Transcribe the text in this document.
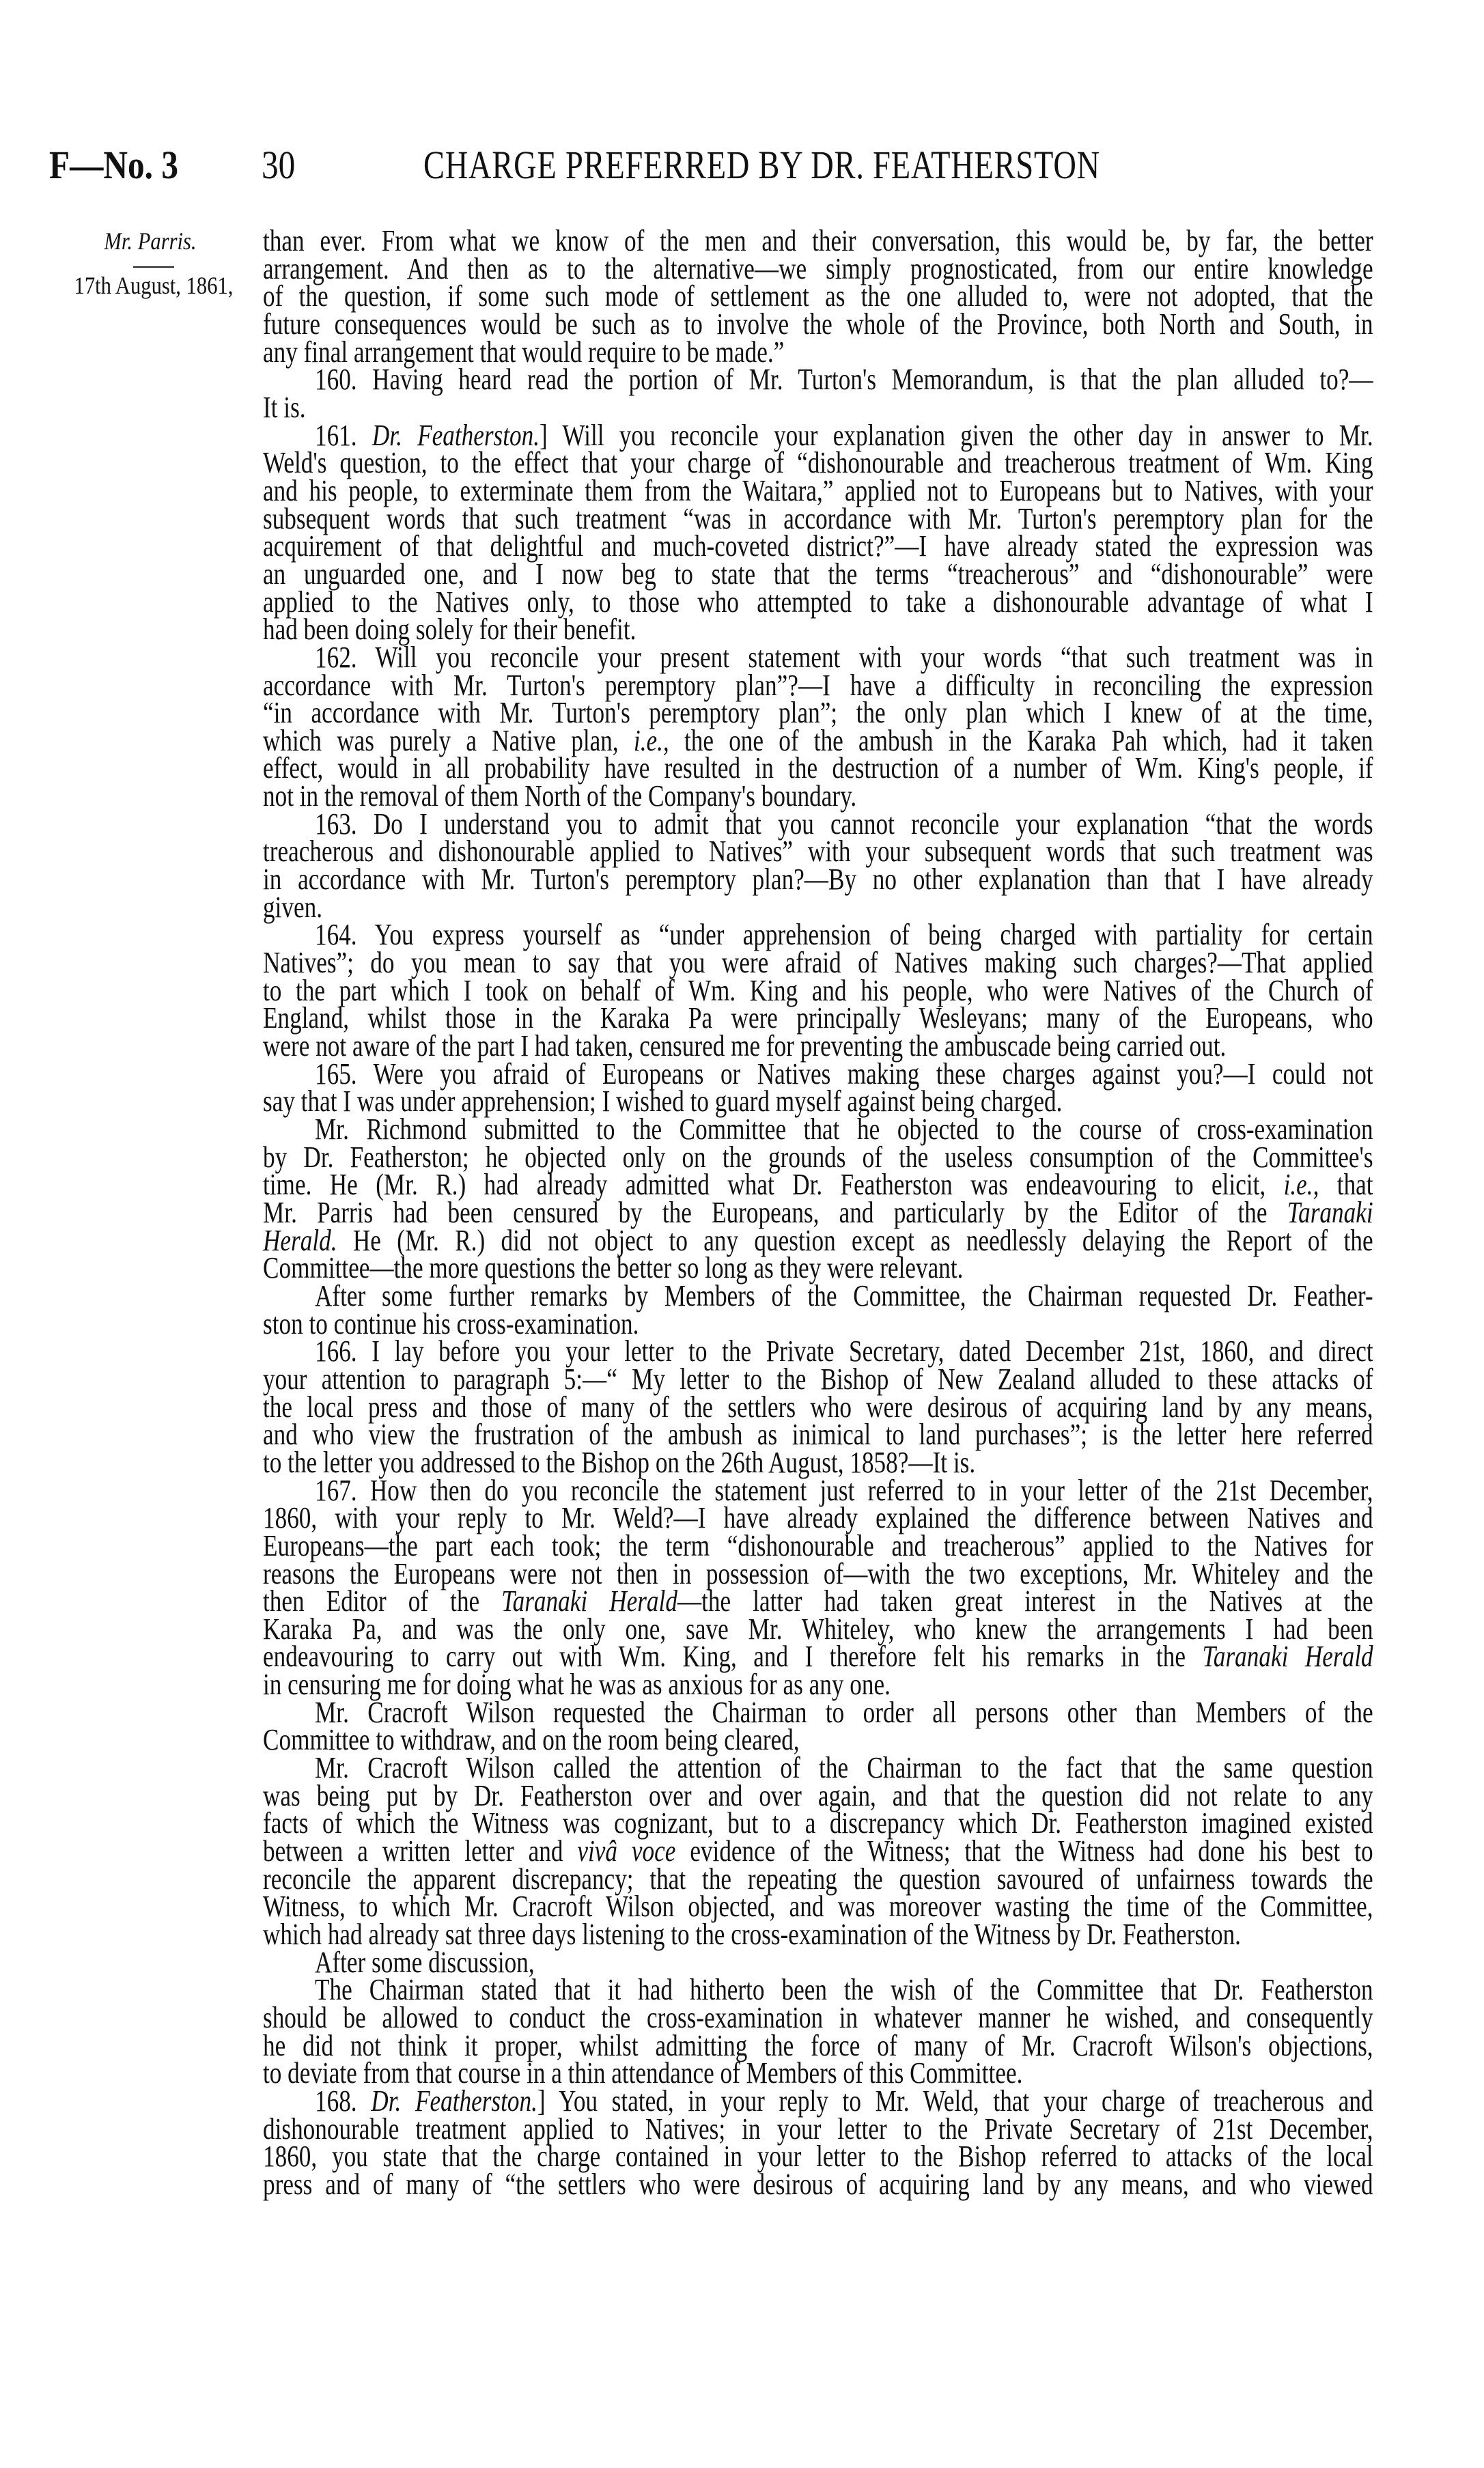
F—No. 3	30	CHARGE PREFERRED BY DR. FEATHERSTON
Mr. Parris.
17th August, 1861,
than ever. From what we know of the men and their conversation, this would be, by far, the better
arrangement. And then as to the alternative—we simply prognosticated, from our entire knowledge
of the question, if some such mode of settlement as the one alluded to, were not adopted, that the
future consequences would be such as to involve the whole of the Province, both North and South, in
any final arrangement that would require to be made.”
160. Having heard read the portion of Mr. Turton's Memorandum, is that the plan alluded to?—
It is.
161. Dr. Featherston.] Will you reconcile your explanation given the other day in answer to Mr.
Weld's question, to the effect that your charge of “dishonourable and treacherous treatment of Wm. King
and his people, to exterminate them from the Waitara,” applied not to Europeans but to Natives, with your
subsequent words that such treatment “was in accordance with Mr. Turton's peremptory plan for the
acquirement of that delightful and much-coveted district?”—I have already stated the expression was
an unguarded one, and I now beg to state that the terms “treacherous” and “dishonourable” were
applied to the Natives only, to those who attempted to take a dishonourable advantage of what I
had been doing solely for their benefit.
162. Will you reconcile your present statement with your words “that such treatment was in
accordance with Mr. Turton's peremptory plan”?—I have a difficulty in reconciling the expression
“in accordance with Mr. Turton's peremptory plan”; the only plan which I knew of at the time,
which was purely a Native plan, i.e., the one of the ambush in the Karaka Pah which, had it taken
effect, would in all probability have resulted in the destruction of a number of Wm. King's people, if
not in the removal of them North of the Company's boundary.
163. Do I understand you to admit that you cannot reconcile your explanation “that the words
treacherous and dishonourable applied to Natives” with your subsequent words that such treatment was
in accordance with Mr. Turton's peremptory plan?—By no other explanation than that I have already
given.
164. You express yourself as “under apprehension of being charged with partiality for certain
Natives”; do you mean to say that you were afraid of Natives making such charges?—That applied
to the part which I took on behalf of Wm. King and his people, who were Natives of the Church of
England, whilst those in the Karaka Pa were principally Wesleyans; many of the Europeans, who
were not aware of the part I had taken, censured me for preventing the ambuscade being carried out.
165. Were you afraid of Europeans or Natives making these charges against you?—I could not
say that I was under apprehension; I wished to guard myself against being charged.
Mr. Richmond submitted to the Committee that he objected to the course of cross-examination
by Dr. Featherston; he objected only on the grounds of the useless consumption of the Committee's
time. He (Mr. R.) had already admitted what Dr. Featherston was endeavouring to elicit, i.e., that
Mr. Parris had been censured by the Europeans, and particularly by the Editor of the Taranaki
Herald. He (Mr. R.) did not object to any question except as needlessly delaying the Report of the
Committee—the more questions the better so long as they were relevant.
After some further remarks by Members of the Committee, the Chairman requested Dr. Feather-
ston to continue his cross-examination.
166. I lay before you your letter to the Private Secretary, dated December 21st, 1860, and direct
your attention to paragraph 5:—“ My letter to the Bishop of New Zealand alluded to these attacks of
the local press and those of many of the settlers who were desirous of acquiring land by any means,
and who view the frustration of the ambush as inimical to land purchases”; is the letter here referred
to the letter you addressed to the Bishop on the 26th August, 1858?—It is.
167. How then do you reconcile the statement just referred to in your letter of the 21st December,
1860, with your reply to Mr. Weld?—I have already explained the difference between Natives and
Europeans—the part each took; the term “dishonourable and treacherous” applied to the Natives for
reasons the Europeans were not then in possession of—with the two exceptions, Mr. Whiteley and the
then Editor of the Taranaki Herald—the latter had taken great interest in the Natives at the
Karaka Pa, and was the only one, save Mr. Whiteley, who knew the arrangements I had been
endeavouring to carry out with Wm. King, and I therefore felt his remarks in the Taranaki Herald
in censuring me for doing what he was as anxious for as any one.
Mr. Cracroft Wilson requested the Chairman to order all persons other than Members of the
Committee to withdraw, and on the room being cleared,
Mr. Cracroft Wilson called the attention of the Chairman to the fact that the same question
was being put by Dr. Featherston over and over again, and that the question did not relate to any
facts of which the Witness was cognizant, but to a discrepancy which Dr. Featherston imagined existed
between a written letter and vivâ voce evidence of the Witness; that the Witness had done his best to
reconcile the apparent discrepancy; that the repeating the question savoured of unfairness towards the
Witness, to which Mr. Cracroft Wilson objected, and was moreover wasting the time of the Committee,
which had already sat three days listening to the cross-examination of the Witness by Dr. Featherston.
After some discussion,
The Chairman stated that it had hitherto been the wish of the Committee that Dr. Featherston
should be allowed to conduct the cross-examination in whatever manner he wished, and consequently
he did not think it proper, whilst admitting the force of many of Mr. Cracroft Wilson's objections,
to deviate from that course in a thin attendance of Members of this Committee.
168. Dr. Featherston.] You stated, in your reply to Mr. Weld, that your charge of treacherous and
dishonourable treatment applied to Natives; in your letter to the Private Secretary of 21st December,
1860, you state that the charge contained in your letter to the Bishop referred to attacks of the local
press and of many of “the settlers who were desirous of acquiring land by any means, and who viewed
